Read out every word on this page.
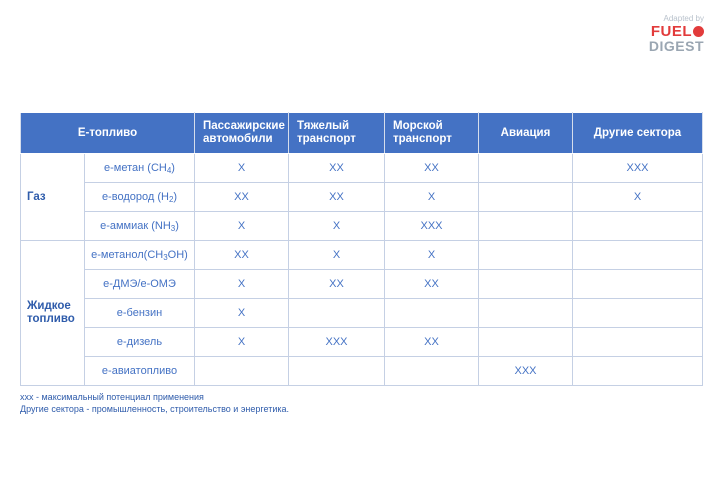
Adapted by
FUEL
DIGEST
Е-топливо		Пассажирские автомобили	Тяжелый транспорт	Морской транспорт	Авиация	Другие сектора
Газ	e-метан $(CH_4)$	X	XX	XX		XXX
	e-водород $(H_2)$	XX	XX	X		X
	e-аммиак $(NH_3)$	X	X	XXX		
Жидкое топливо	$e-метанол(CH_3OH)$	XX	X	X		
	e-ДМЭ/e-ОМЭ	X	XX	XX		
	e-бензин	X				
	e-дизель	X	XXX	XX		
	e-авиатопливо				XXX	
xxx - максимальный потенциал применения
Другие сектора - промышленность, строительство и энергетика.
